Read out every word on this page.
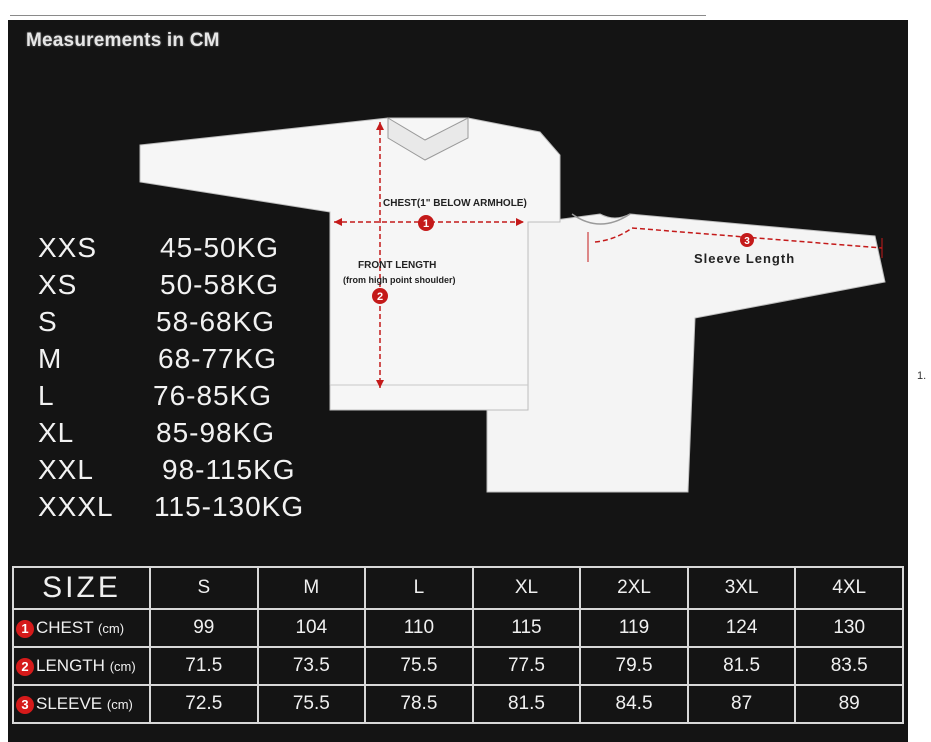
Measurements in CM
1.
1
2
3
CHEST(1" BELOW ARMHOLE)
FRONT LENGTH
(from high point shoulder)
Sleeve Length
XXS 45-50KG
XS	50-58KG
S	58-68KG
M	68-77KG
L	76-85KG
XL	85-98KG
XXL 98-115KG
XXXL 115-130KG
SIZE	S	M	L	XL	2XL	3XL	4XL
1 CHEST (cm)	99	104	110	115	119	124	130
2 LENGTH (cm)	71.5	73.5	75.5	77.5	79.5	81.5	83.5
3 SLEEVE (cm)	72.5	75.5	78.5	81.5	84.5	87	89
